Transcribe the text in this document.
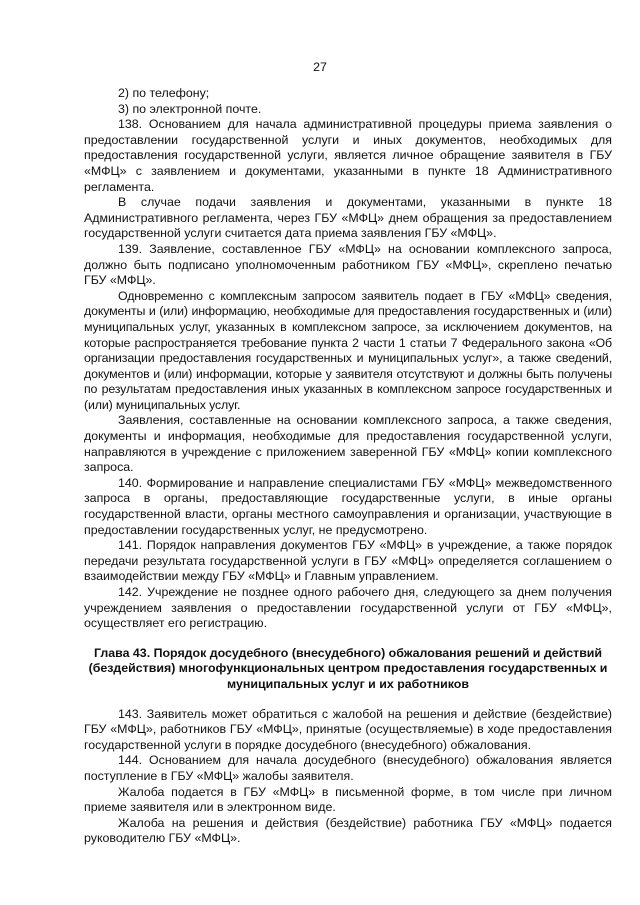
27

2) по телефону;

3) по электронной почте.

138. Основанием для начала административной процедуры приема заявления о предоставлении государственной услуги и иных документов, необходимых для предоставления государственной услуги, является личное обращение заявителя в ГБУ «МФЦ» с заявлением и документами, указанными в пункте 18 Административного регламента.

В случае подачи заявления и документами, указанными в пункте 18 Административного регламента, через ГБУ «МФЦ» днем обращения за предоставлением государственной услуги считается дата приема заявления ГБУ «МФЦ».

139. Заявление, составленное ГБУ «МФЦ» на основании комплексного запроса, должно быть подписано уполномоченным работником ГБУ «МФЦ», скреплено печатью ГБУ «МФЦ».

Одновременно с комплексным запросом заявитель подает в ГБУ «МФЦ» сведения, документы и (или) информацию, необходимые для предоставления государственных и (или) муниципальных услуг, указанных в комплексном запросе, за исключением документов, на которые распространяется требование пункта 2 части 1 статьи 7 Федерального закона «Об организации предоставления государственных и муниципальных услуг», а также сведений, документов и (или) информации, которые у заявителя отсутствуют и должны быть получены по результатам предоставления иных указанных в комплексном запросе государственных и (или) муниципальных услуг.

Заявления, составленные на основании комплексного запроса, а также сведения, документы и информация, необходимые для предоставления государственной услуги, направляются в учреждение с приложением заверенной ГБУ «МФЦ» копии комплексного запроса.

140. Формирование и направление специалистами ГБУ «МФЦ» межведомственного запроса в органы, предоставляющие государственные услуги, в иные органы государственной власти, органы местного самоуправления и организации, участвующие в предоставлении государственных услуг, не предусмотрено.

141. Порядок направления документов ГБУ «МФЦ» в учреждение, а также порядок передачи результата государственной услуги в ГБУ «МФЦ» определяется соглашением о взаимодействии между ГБУ «МФЦ» и Главным управлением.

142. Учреждение не позднее одного рабочего дня, следующего за днем получения учреждением заявления о предоставлении государственной услуги от ГБУ «МФЦ», осуществляет его регистрацию.

Глава 43. Порядок досудебного (внесудебного) обжалования решений и действий (бездействия) многофункциональных центром предоставления государственных и муниципальных услуг и их работников

143. Заявитель может обратиться с жалобой на решения и действие (бездействие) ГБУ «МФЦ», работников ГБУ «МФЦ», принятые (осуществляемые) в ходе предоставления государственной услуги в порядке досудебного (внесудебного) обжалования.

144. Основанием для начала досудебного (внесудебного) обжалования является поступление в ГБУ «МФЦ» жалобы заявителя.

Жалоба подается в ГБУ «МФЦ» в письменной форме, в том числе при личном приеме заявителя или в электронном виде.

Жалоба на решения и действия (бездействие) работника ГБУ «МФЦ» подается руководителю ГБУ «МФЦ».
